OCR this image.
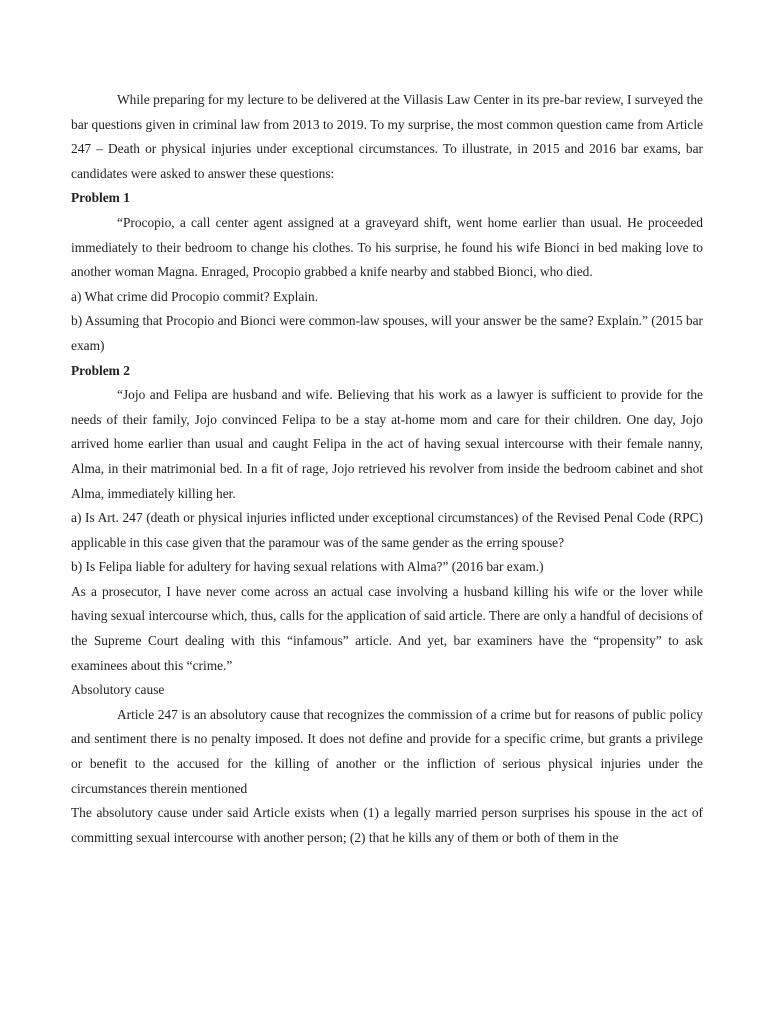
While preparing for my lecture to be delivered at the Villasis Law Center in its pre-bar review, I surveyed the bar questions given in criminal law from 2013 to 2019. To my surprise, the most common question came from Article 247 – Death or physical injuries under exceptional circumstances. To illustrate, in 2015 and 2016 bar exams, bar candidates were asked to answer these questions:

Problem 1

“Procopio, a call center agent assigned at a graveyard shift, went home earlier than usual. He proceeded immediately to their bedroom to change his clothes. To his surprise, he found his wife Bionci in bed making love to another woman Magna. Enraged, Procopio grabbed a knife nearby and stabbed Bionci, who died.

a) What crime did Procopio commit? Explain.

b) Assuming that Procopio and Bionci were common-law spouses, will your answer be the same? Explain.” (2015 bar exam)

Problem 2

“Jojo and Felipa are husband and wife. Believing that his work as a lawyer is sufficient to provide for the needs of their family, Jojo convinced Felipa to be a stay at-home mom and care for their children. One day, Jojo arrived home earlier than usual and caught Felipa in the act of having sexual intercourse with their female nanny, Alma, in their matrimonial bed. In a fit of rage, Jojo retrieved his revolver from inside the bedroom cabinet and shot Alma, immediately killing her.

a) Is Art. 247 (death or physical injuries inflicted under exceptional circumstances) of the Revised Penal Code (RPC) applicable in this case given that the paramour was of the same gender as the erring spouse?

b) Is Felipa liable for adultery for having sexual relations with Alma?” (2016 bar exam.)

As a prosecutor, I have never come across an actual case involving a husband killing his wife or the lover while having sexual intercourse which, thus, calls for the application of said article. There are only a handful of decisions of the Supreme Court dealing with this “infamous” article. And yet, bar examiners have the “propensity” to ask examinees about this “crime.”

Absolutory cause

Article 247 is an absolutory cause that recognizes the commission of a crime but for reasons of public policy and sentiment there is no penalty imposed. It does not define and provide for a specific crime, but grants a privilege or benefit to the accused for the killing of another or the infliction of serious physical injuries under the circumstances therein mentioned

The absolutory cause under said Article exists when (1) a legally married person surprises his spouse in the act of committing sexual intercourse with another person; (2) that he kills any of them or both of them in the
